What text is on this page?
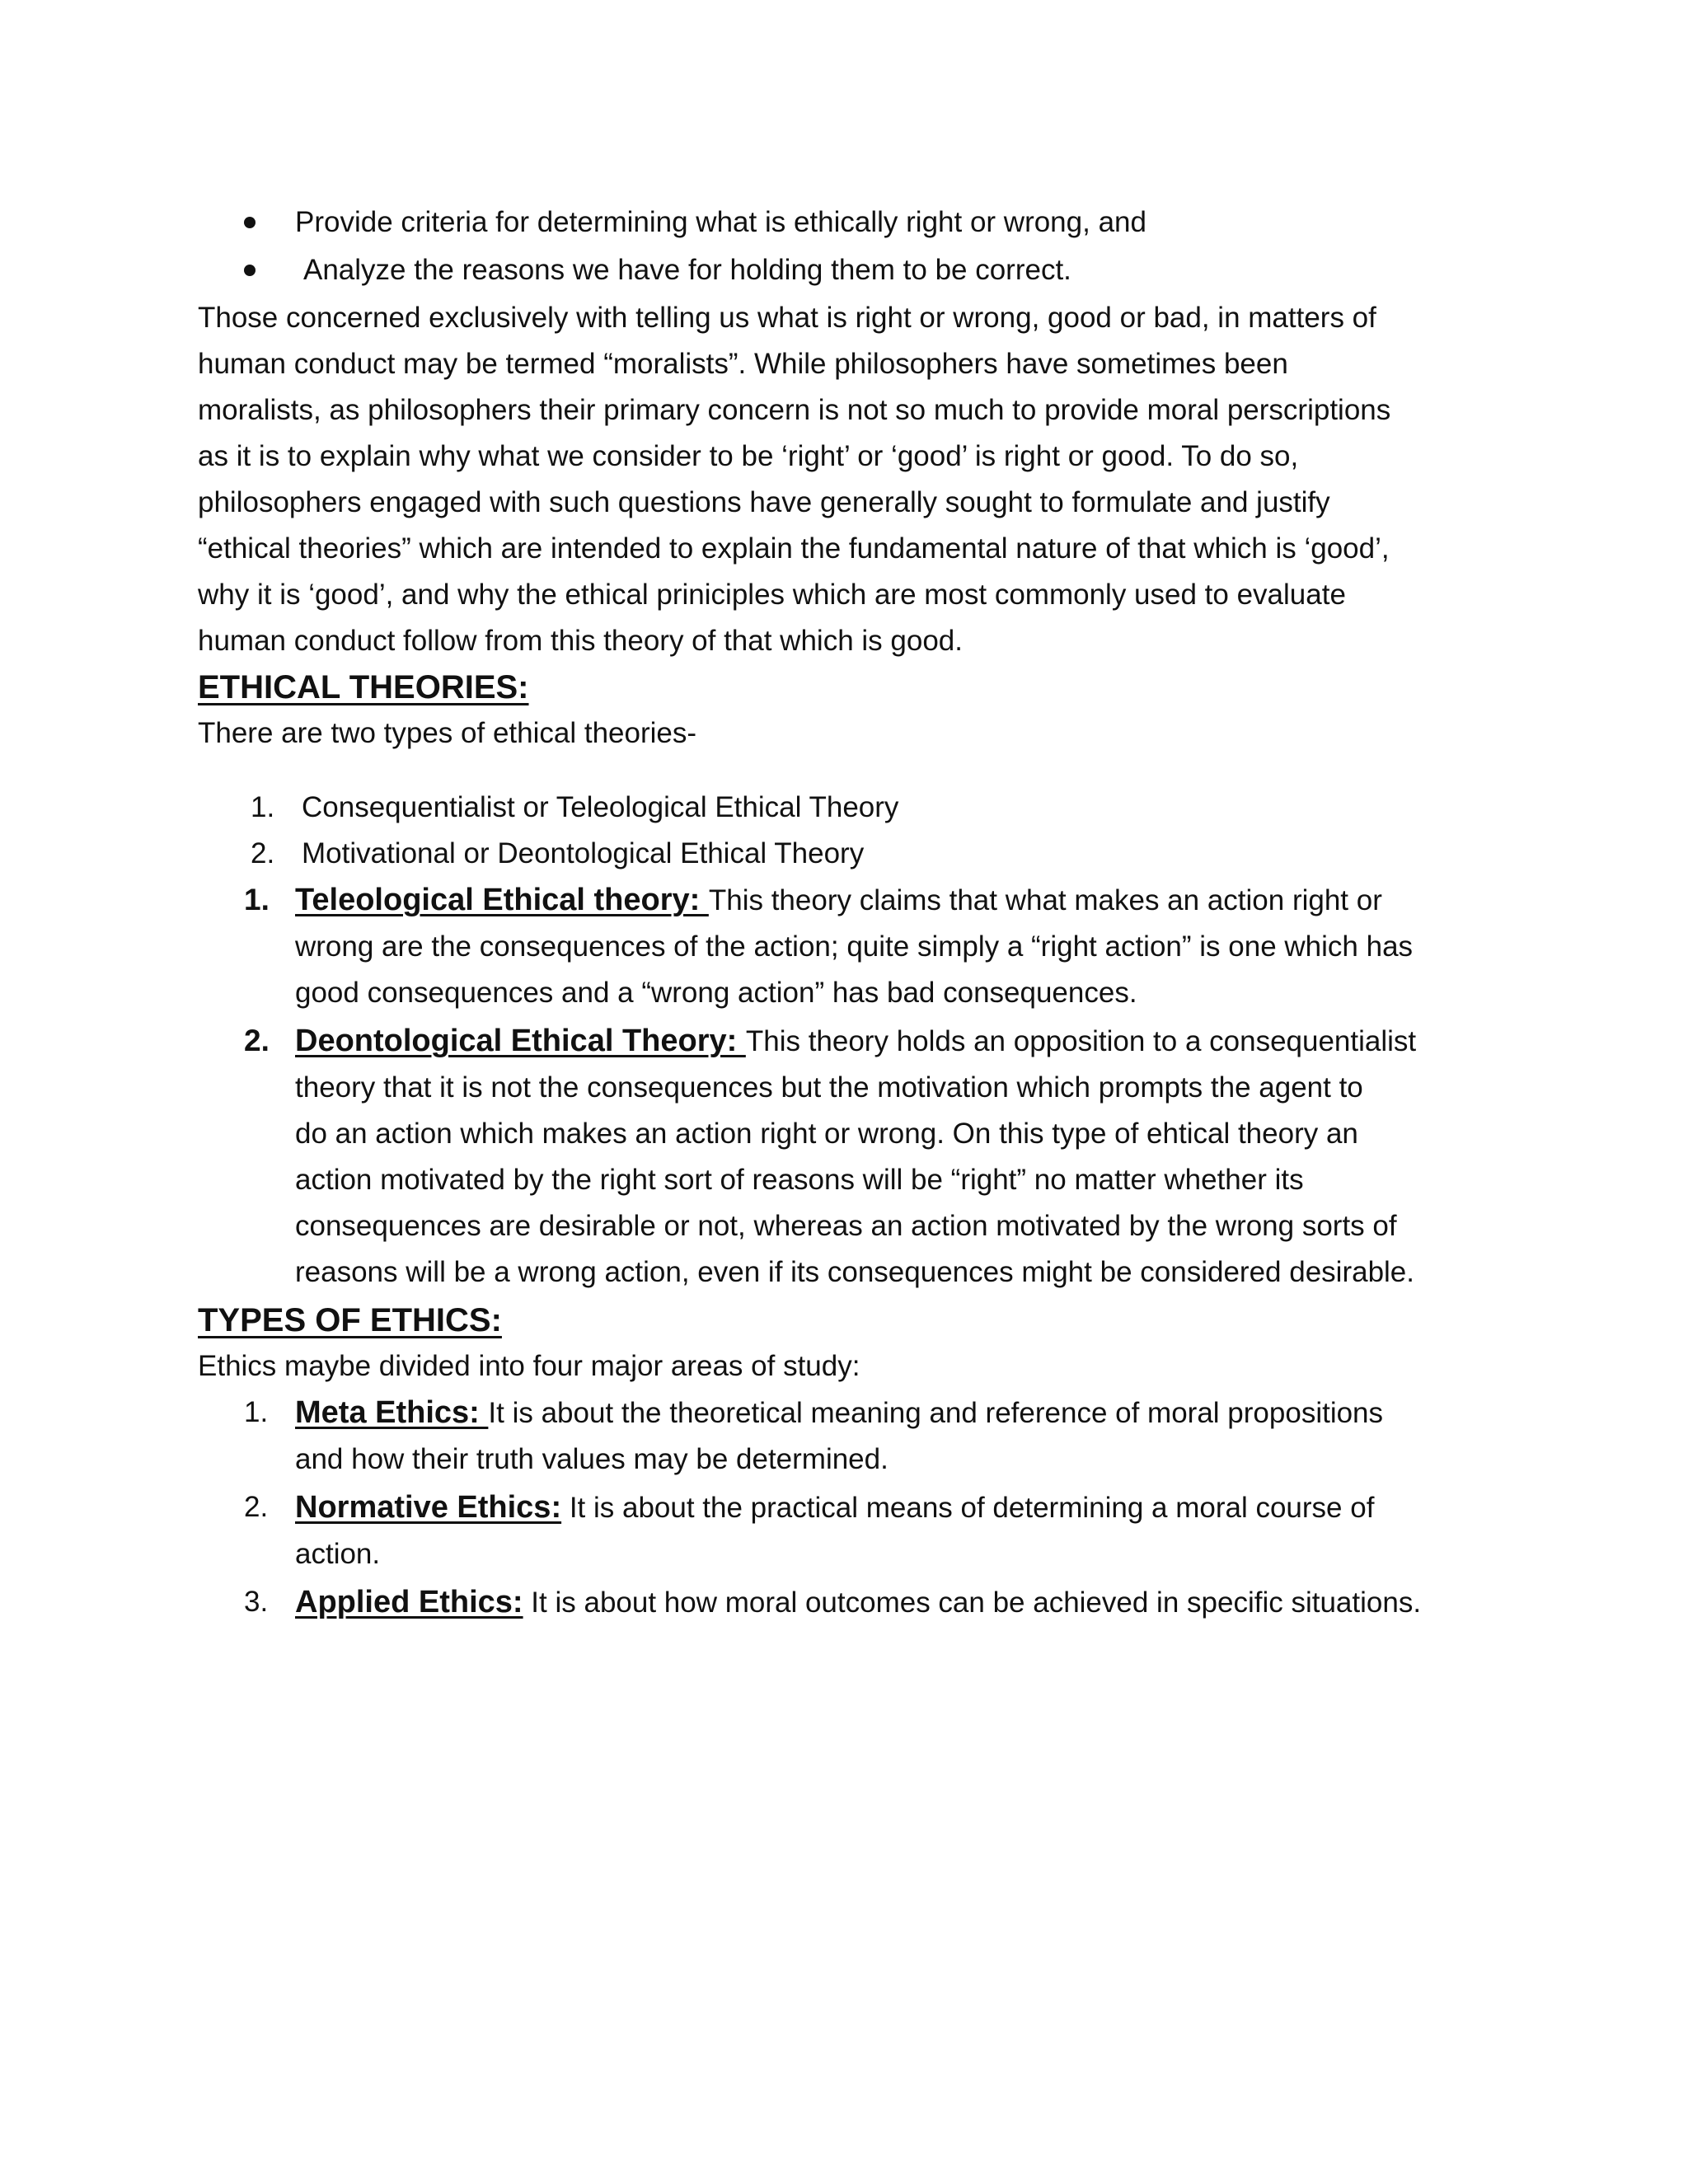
Provide criteria for determining what is ethically right or wrong, and
Analyze the reasons we have for holding them to be correct.

Those concerned exclusively with telling us what is right or wrong, good or bad, in matters of
human conduct may be termed “moralists”. While philosophers have sometimes been
moralists, as philosophers their primary concern is not so much to provide moral perscriptions
as it is to explain why what we consider to be ‘right’ or ‘good’ is right or good. To do so,
philosophers engaged with such questions have generally sought to formulate and justify
“ethical theories” which are intended to explain the fundamental nature of that which is ‘good’,
why it is ‘good’, and why the ethical priniciples which are most commonly used to evaluate
human conduct follow from this theory of that which is good.

ETHICAL THEORIES:

There are two types of ethical theories-

1. Consequentialist or Teleological Ethical Theory
2. Motivational or Deontological Ethical Theory
1. Teleological Ethical theory: This theory claims that what makes an action right or
wrong are the consequences of the action; quite simply a “right action” is one which has
good consequences and a “wrong action” has bad consequences.
2. Deontological Ethical Theory: This theory holds an opposition to a consequentialist
theory that it is not the consequences but the motivation which prompts the agent to
do an action which makes an action right or wrong. On this type of ehtical theory an
action motivated by the right sort of reasons will be “right” no matter whether its
consequences are desirable or not, whereas an action motivated by the wrong sorts of
reasons will be a wrong action, even if its consequences might be considered desirable.
TYPES OF ETHICS:

Ethics maybe divided into four major areas of study:

1. Meta Ethics: It is about the theoretical meaning and reference of moral propositions
and how their truth values may be determined.
2. Normative Ethics: It is about the practical means of determining a moral course of
action.
3. Applied Ethics: It is about how moral outcomes can be achieved in specific situations.
